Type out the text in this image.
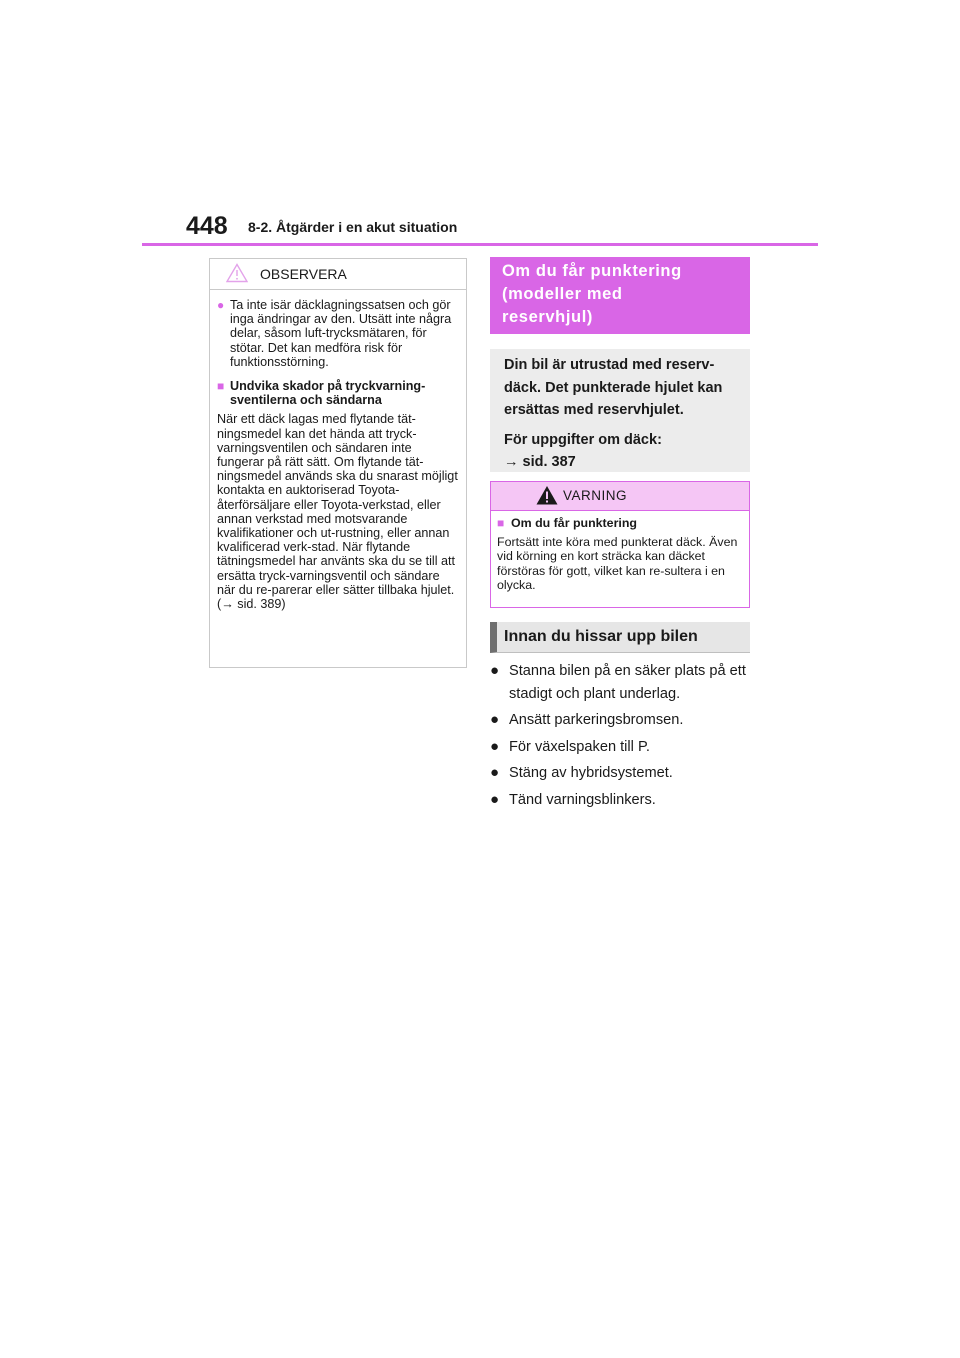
448 8-2. Åtgärder i en akut situation
OBSERVERA
● Ta inte isär däcklagningssatsen och gör inga ändringar av den. Utsätt inte några delar, såsom luft-trycksmätaren, för stötar. Det kan medföra risk för funktionsstörning.
■ Undvika skador på tryckvarning-sventilerna och sändarna
När ett däck lagas med flytande tät-ningsmedel kan det hända att tryck-varningsventilen och sändaren inte fungerar på rätt sätt. Om flytande tät-ningsmedel används ska du snarast möjligt kontakta en auktoriserad Toyota-återförsäljare eller Toyota-verkstad, eller annan verkstad med motsvarande kvalifikationer och ut-rustning, eller annan kvalificerad verk-stad. När flytande tätningsmedel har använts ska du se till att ersätta tryck-varningsventil och sändare när du re-parerar eller sätter tillbaka hjulet. (→ sid. 389)
Om du får punktering
(modeller med
reservhjul)

Din bil är utrustad med reserv-däck. Det punkterade hjulet kan ersättas med reservhjulet.

För uppgifter om däck:

→ sid. 387

VARNING
■ Om du får punktering
Fortsätt inte köra med punkterat däck. Även vid körning en kort sträcka kan däcket förstöras för gott, vilket kan re-sultera i en olycka.
Innan du hissar upp bilen
● Stanna bilen på en säker plats på ett stadigt och plant underlag.
● Ansätt parkeringsbromsen.
● För växelspaken till P.
● Stäng av hybridsystemet.
● Tänd varningsblinkers.
